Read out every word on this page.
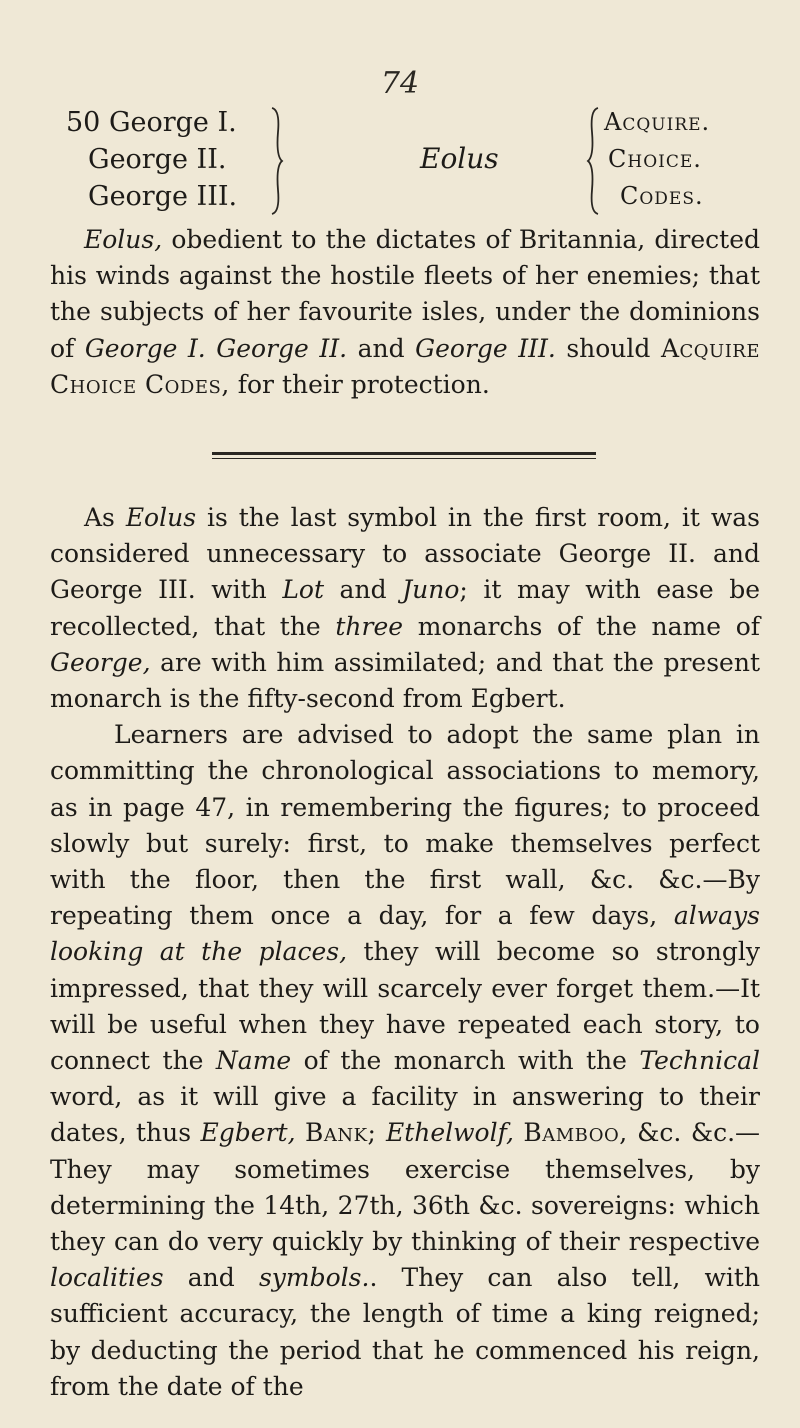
74
50 George I.
George II.
George III.
Eolus
Acquire.
Choice.
Codes.
Eolus, obedient to the dictates of Britannia, directed his winds against the hostile fleets of her enemies; that the subjects of her favourite isles, under the dominions of George I. George II. and George III. should Acquire Choice Codes, for their protection.

As Eolus is the last symbol in the first room, it was considered unnecessary to associate George II. and George III. with Lot and Juno; it may with ease be recollected, that the three monarchs of the name of George, are with him assimilated; and that the present monarch is the fifty-second from Egbert.

Learners are advised to adopt the same plan in committing the chronological associations to memory, as in page 47, in remembering the figures; to proceed slowly but surely: first, to make themselves perfect with the floor, then the first wall, &c. &c.—By repeating them once a day, for a few days, always looking at the places, they will become so strongly impressed, that they will scarcely ever forget them.—It will be useful when they have repeated each story, to connect the Name of the monarch with the Technical word, as it will give a facility in answering to their dates, thus Egbert, Bank; Ethelwolf, Bamboo, &c. &c.—They may sometimes exercise themselves, by determining the 14th, 27th, 36th &c. sovereigns: which they can do very quickly by thinking of their respective localities and symbols.. They can also tell, with sufficient accuracy, the length of time a king reigned; by deducting the period that he commenced his reign, from the date of the
